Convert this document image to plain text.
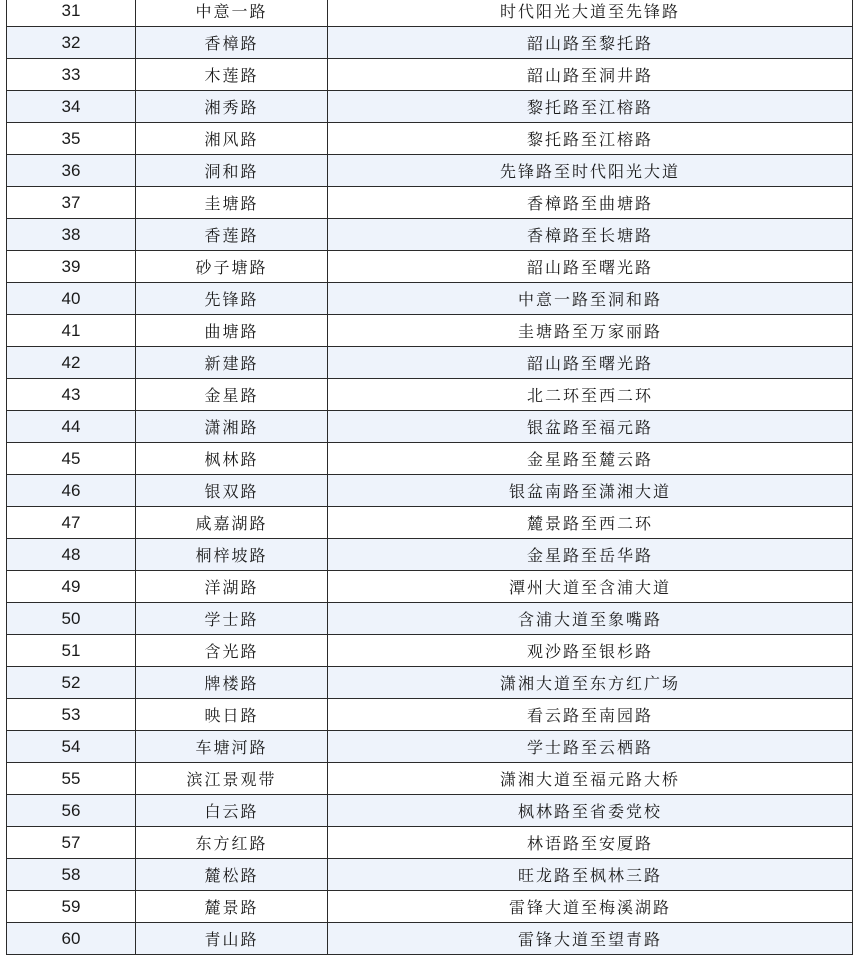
31	中意一路	时代阳光大道至先锋路
32	香樟路	韶山路至黎托路
33	木莲路	韶山路至洞井路
34	湘秀路	黎托路至江榕路
35	湘风路	黎托路至江榕路
36	洞和路	先锋路至时代阳光大道
37	圭塘路	香樟路至曲塘路
38	香莲路	香樟路至长塘路
39	砂子塘路	韶山路至曙光路
40	先锋路	中意一路至洞和路
41	曲塘路	圭塘路至万家丽路
42	新建路	韶山路至曙光路
43	金星路	北二环至西二环
44	潇湘路	银盆路至福元路
45	枫林路	金星路至麓云路
46	银双路	银盆南路至潇湘大道
47	咸嘉湖路	麓景路至西二环
48	桐梓坡路	金星路至岳华路
49	洋湖路	潭州大道至含浦大道
50	学士路	含浦大道至象嘴路
51	含光路	观沙路至银杉路
52	牌楼路	潇湘大道至东方红广场
53	映日路	看云路至南园路
54	车塘河路	学士路至云栖路
55	滨江景观带	潇湘大道至福元路大桥
56	白云路	枫林路至省委党校
57	东方红路	林语路至安厦路
58	麓松路	旺龙路至枫林三路
59	麓景路	雷锋大道至梅溪湖路
60	青山路	雷锋大道至望青路
